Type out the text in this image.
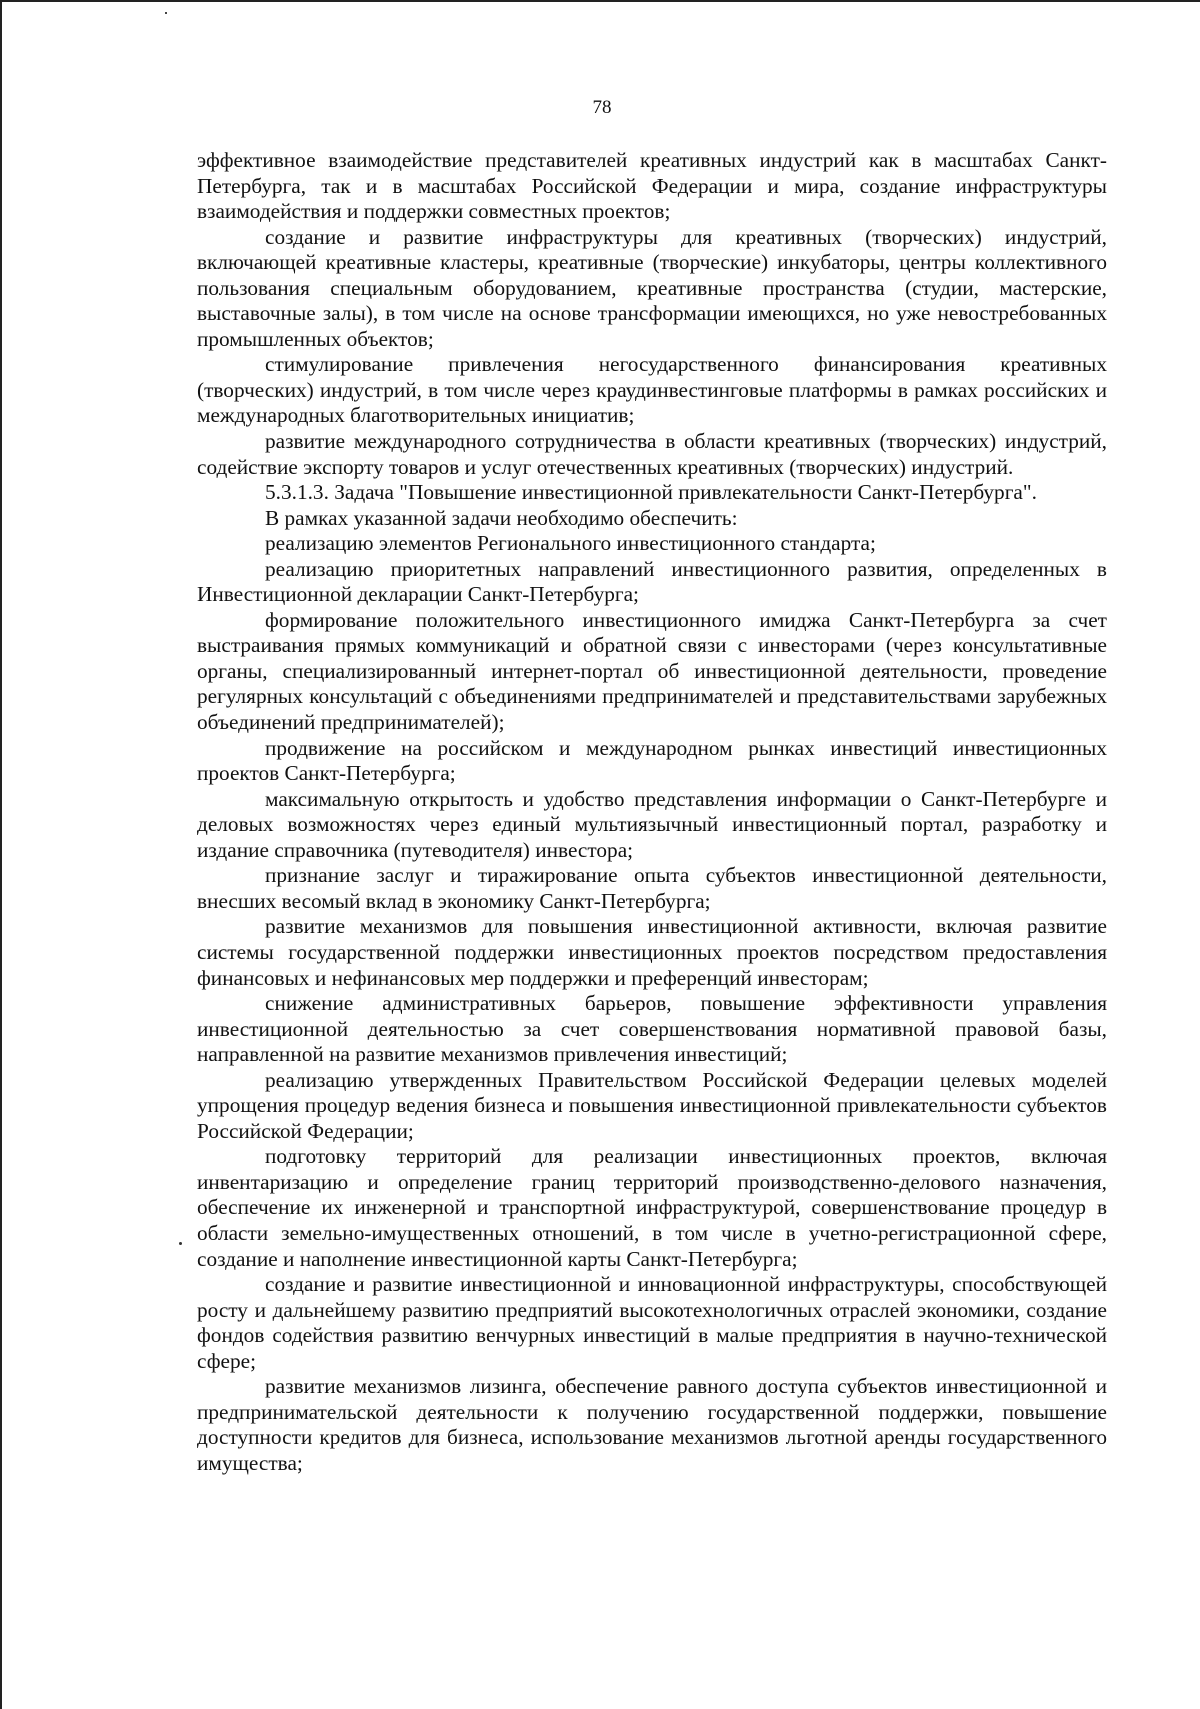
78

эффективное взаимодействие представителей креативных индустрий как в масштабах Санкт-Петербурга, так и в масштабах Российской Федерации и мира, создание инфраструктуры взаимодействия и поддержки совместных проектов;

создание и развитие инфраструктуры для креативных (творческих) индустрий, включающей креативные кластеры, креативные (творческие) инкубаторы, центры коллективного пользования специальным оборудованием, креативные пространства (студии, мастерские, выставочные залы), в том числе на основе трансформации имеющихся, но уже невостребованных промышленных объектов;

стимулирование привлечения негосударственного финансирования креативных (творческих) индустрий, в том числе через краудинвестинговые платформы в рамках российских и международных благотворительных инициатив;

развитие международного сотрудничества в области креативных (творческих) индустрий, содействие экспорту товаров и услуг отечественных креативных (творческих) индустрий.

5.3.1.3. Задача "Повышение инвестиционной привлекательности Санкт-Петербурга".

В рамках указанной задачи необходимо обеспечить:

реализацию элементов Регионального инвестиционного стандарта;

реализацию приоритетных направлений инвестиционного развития, определенных в Инвестиционной декларации Санкт-Петербурга;

формирование положительного инвестиционного имиджа Санкт-Петербурга за счет выстраивания прямых коммуникаций и обратной связи с инвесторами (через консультативные органы, специализированный интернет-портал об инвестиционной деятельности, проведение регулярных консультаций с объединениями предпринимателей и представительствами зарубежных объединений предпринимателей);

продвижение на российском и международном рынках инвестиций инвестиционных проектов Санкт-Петербурга;

максимальную открытость и удобство представления информации о Санкт-Петербурге и деловых возможностях через единый мультиязычный инвестиционный портал, разработку и издание справочника (путеводителя) инвестора;

признание заслуг и тиражирование опыта субъектов инвестиционной деятельности, внесших весомый вклад в экономику Санкт-Петербурга;

развитие механизмов для повышения инвестиционной активности, включая развитие системы государственной поддержки инвестиционных проектов посредством предоставления финансовых и нефинансовых мер поддержки и преференций инвесторам;

снижение административных барьеров, повышение эффективности управления инвестиционной деятельностью за счет совершенствования нормативной правовой базы, направленной на развитие механизмов привлечения инвестиций;

реализацию утвержденных Правительством Российской Федерации целевых моделей упрощения процедур ведения бизнеса и повышения инвестиционной привлекательности субъектов Российской Федерации;

подготовку территорий для реализации инвестиционных проектов, включая инвентаризацию и определение границ территорий производственно-делового назначения, обеспечение их инженерной и транспортной инфраструктурой, совершенствование процедур в области земельно-имущественных отношений, в том числе в учетно-регистрационной сфере, создание и наполнение инвестиционной карты Санкт-Петербурга;

создание и развитие инвестиционной и инновационной инфраструктуры, способствующей росту и дальнейшему развитию предприятий высокотехнологичных отраслей экономики, создание фондов содействия развитию венчурных инвестиций в малые предприятия в научно-технической сфере;

развитие механизмов лизинга, обеспечение равного доступа субъектов инвестиционной и предпринимательской деятельности к получению государственной поддержки, повышение доступности кредитов для бизнеса, использование механизмов льготной аренды государственного имущества;
